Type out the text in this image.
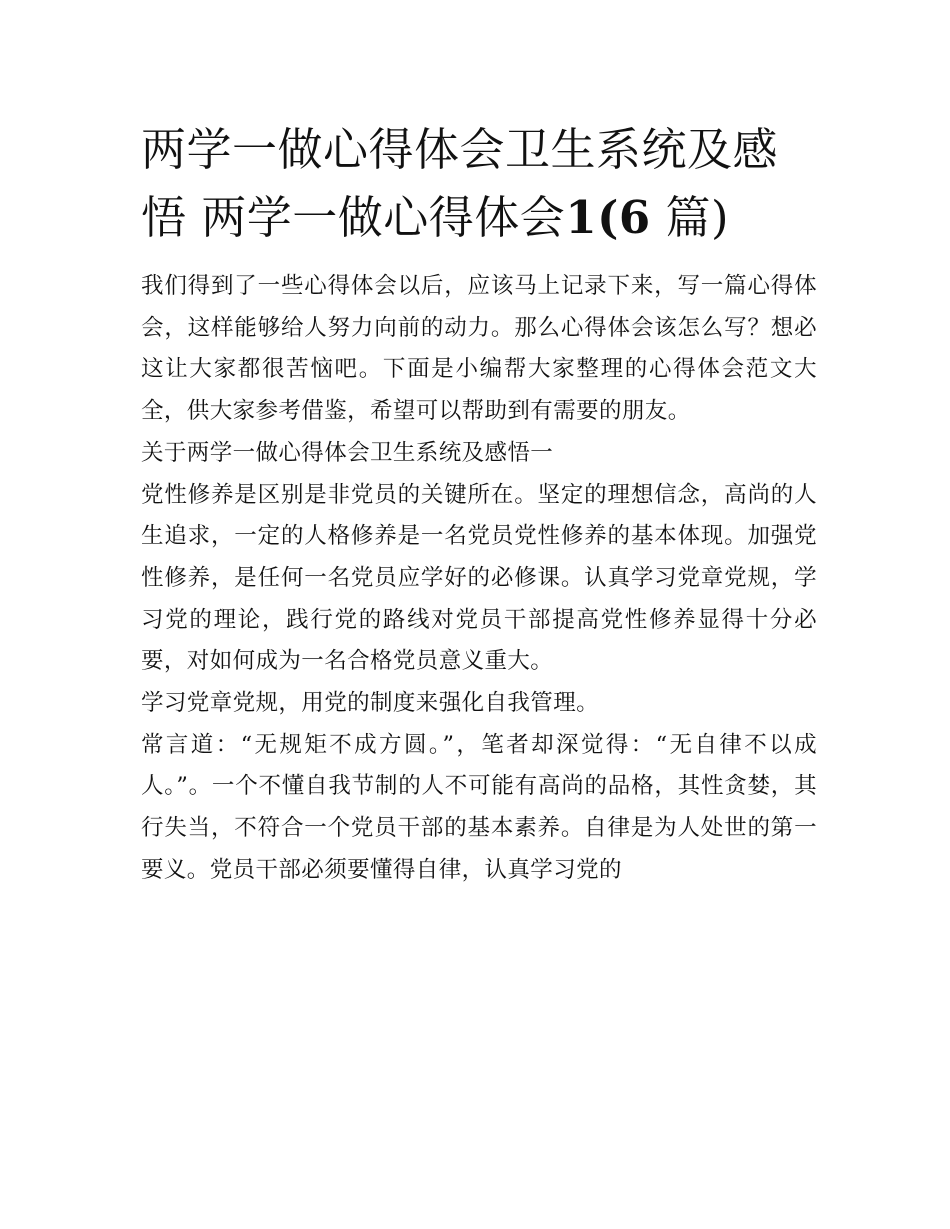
两学一做心得体会卫生系统及感悟 两学一做心得体会1(6 篇)

我们得到了一些心得体会以后，应该马上记录下来，写一篇心得体会，这样能够给人努力向前的动力。那么心得体会该怎么写？想必这让大家都很苦恼吧。下面是小编帮大家整理的心得体会范文大全，供大家参考借鉴，希望可以帮助到有需要的朋友。

关于两学一做心得体会卫生系统及感悟一

党性修养是区别是非党员的关键所在。坚定的理想信念，高尚的人生追求，一定的人格修养是一名党员党性修养的基本体现。加强党性修养，是任何一名党员应学好的必修课。认真学习党章党规，学习党的理论，践行党的路线对党员干部提高党性修养显得十分必要，对如何成为一名合格党员意义重大。

学习党章党规，用党的制度来强化自我管理。

常言道：“无规矩不成方圆。”，笔者却深觉得：“无自律不以成人。”。一个不懂自我节制的人不可能有高尚的品格，其性贪婪，其行失当，不符合一个党员干部的基本素养。自律是为人处世的第一要义。党员干部必须要懂得自律，认真学习党的
